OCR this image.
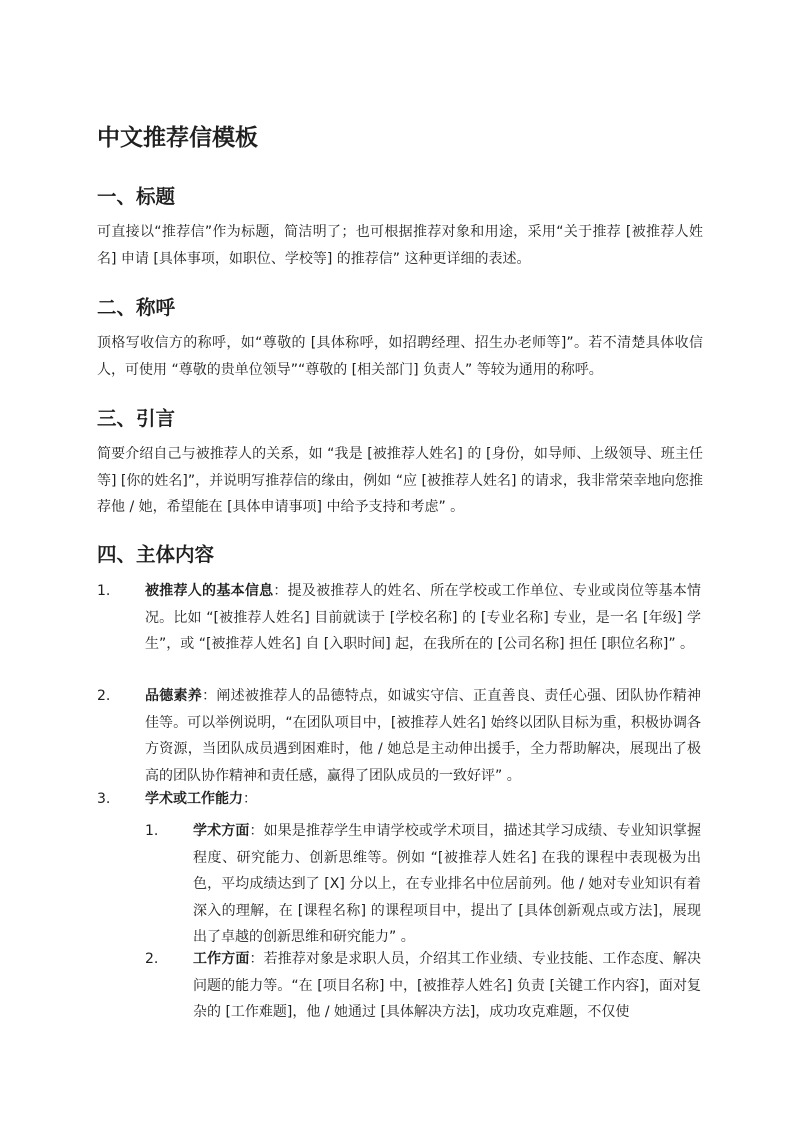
中文推荐信模板
一、标题

可直接以“推荐信”作为标题，简洁明了；也可根据推荐对象和用途，采用“关于推荐 [被推荐人姓名] 申请 [具体事项，如职位、学校等] 的推荐信” 这种更详细的表述。

二、称呼

顶格写收信方的称呼，如“尊敬的 [具体称呼，如招聘经理、招生办老师等]”。若不清楚具体收信人，可使用 “尊敬的贵单位领导”“尊敬的 [相关部门] 负责人” 等较为通用的称呼。

三、引言

简要介绍自己与被推荐人的关系，如 “我是 [被推荐人姓名] 的 [身份，如导师、上级领导、班主任等] [你的姓名]”，并说明写推荐信的缘由，例如 “应 [被推荐人姓名] 的请求，我非常荣幸地向您推荐他 / 她，希望能在 [具体申请事项] 中给予支持和考虑” 。

四、主体内容
1. 被推荐人的基本信息：提及被推荐人的姓名、所在学校或工作单位、专业或岗位等基本情况。比如 “[被推荐人姓名] 目前就读于 [学校名称] 的 [专业名称] 专业，是一名 [年级] 学生”，或 “[被推荐人姓名] 自 [入职时间] 起，在我所在的 [公司名称] 担任 [职位名称]” 。
2. 品德素养：阐述被推荐人的品德特点，如诚实守信、正直善良、责任心强、团队协作精神佳等。可以举例说明，“在团队项目中，[被推荐人姓名] 始终以团队目标为重，积极协调各方资源，当团队成员遇到困难时，他 / 她总是主动伸出援手，全力帮助解决，展现出了极高的团队协作精神和责任感，赢得了团队成员的一致好评” 。
3. 学术或工作能力：
1. 学术方面：如果是推荐学生申请学校或学术项目，描述其学习成绩、专业知识掌握程度、研究能力、创新思维等。例如 “[被推荐人姓名] 在我的课程中表现极为出色，平均成绩达到了 [X] 分以上，在专业排名中位居前列。他 / 她对专业知识有着深入的理解，在 [课程名称] 的课程项目中，提出了 [具体创新观点或方法]，展现出了卓越的创新思维和研究能力” 。
2. 工作方面：若推荐对象是求职人员，介绍其工作业绩、专业技能、工作态度、解决问题的能力等。“在 [项目名称] 中，[被推荐人姓名] 负责 [关键工作内容]，面对复杂的 [工作难题]，他 / 她通过 [具体解决方法]，成功攻克难题，不仅使
